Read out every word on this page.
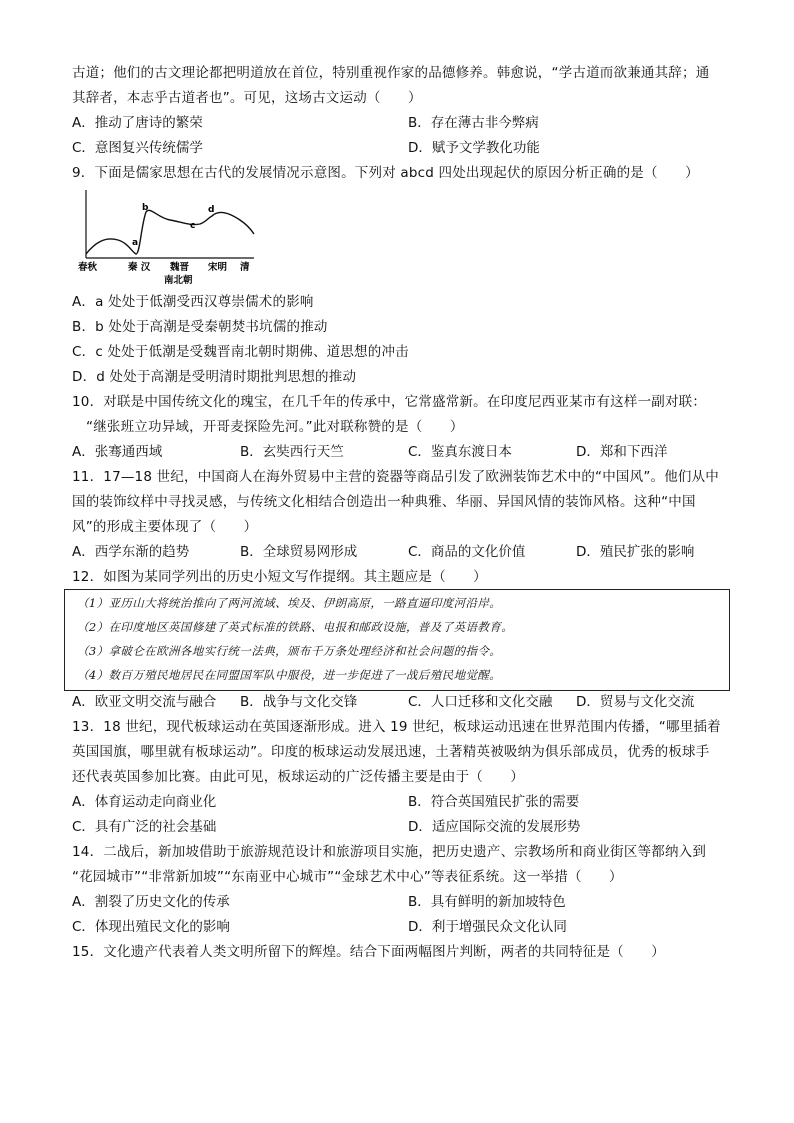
古道；他们的古文理论都把明道放在首位，特别重视作家的品德修养。韩愈说，“学古道而欲兼通其辞；通
其辞者，本志乎古道者也”。可见，这场古文运动（　　）
A．推动了唐诗的繁荣	B．存在薄古非今弊病
C．意图复兴传统儒学	D．赋予文学教化功能
9．下面是儒家思想在古代的发展情况示意图。下列对 abcd 四处出现起伏的原因分析正确的是（　　）
a
b
c
d
春秋	秦 汉 魏晋
南北朝
宋明 清
A．a 处处于低潮受西汉尊崇儒术的影响
B．b 处处于高潮是受秦朝焚书坑儒的推动
C．c 处处于低潮是受魏晋南北朝时期佛、道思想的冲击
D．d 处处于高潮是受明清时期批判思想的推动
10．对联是中国传统文化的瑰宝，在几千年的传承中，它常盛常新。在印度尼西亚某市有这样一副对联：
“继张班立功异域，开哥麦探险先河。”此对联称赞的是（　　）
A．张骞通西域	B．玄奘西行天竺	C．鉴真东渡日本	D．郑和下西洋
11．17—18 世纪，中国商人在海外贸易中主营的瓷器等商品引发了欧洲装饰艺术中的“中国风”。他们从中
国的装饰纹样中寻找灵感，与传统文化相结合创造出一种典雅、华丽、异国风情的装饰风格。这种“中国
风”的形成主要体现了（　　）
A．西学东渐的趋势	B．全球贸易网形成	C．商品的文化价值	D．殖民扩张的影响
12．如图为某同学列出的历史小短文写作提纲。其主题应是（　　）
（1）亚历山大将统治推向了两河流域、埃及、伊朗高原，一路直逼印度河沿岸。
（2）在印度地区英国修建了英式标准的铁路、电报和邮政设施，普及了英语教育。
（3）拿破仑在欧洲各地实行统一法典，颁布千万条处理经济和社会问题的指令。
（4）数百万殖民地居民在同盟国军队中服役，进一步促进了一战后殖民地觉醒。
A．欧亚文明交流与融合 B．战争与文化交锋	C．人口迁移和文化交融 D．贸易与文化交流
13．18 世纪，现代板球运动在英国逐渐形成。进入 19 世纪，板球运动迅速在世界范围内传播，“哪里插着
英国国旗，哪里就有板球运动”。印度的板球运动发展迅速，土著精英被吸纳为俱乐部成员，优秀的板球手
还代表英国参加比赛。由此可见，板球运动的广泛传播主要是由于（　　）
A．体育运动走向商业化	B．符合英国殖民扩张的需要
C．具有广泛的社会基础	D．适应国际交流的发展形势
14．二战后，新加坡借助于旅游规范设计和旅游项目实施，把历史遗产、宗教场所和商业街区等都纳入到
“花园城市”“非常新加坡”“东南亚中心城市”“金球艺术中心”等表征系统。这一举措（　　）
A．割裂了历史文化的传承	B．具有鲜明的新加坡特色
C．体现出殖民文化的影响	D．利于增强民众文化认同
15．文化遗产代表着人类文明所留下的辉煌。结合下面两幅图片判断，两者的共同特征是（　　）
